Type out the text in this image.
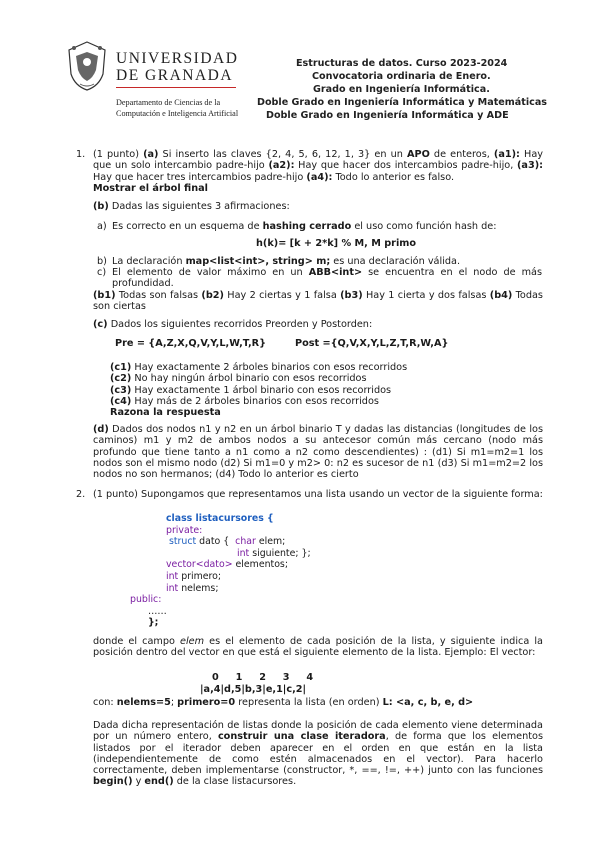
UNIVERSIDAD
DE GRANADA
Departamento de Ciencias de la
Computación e Inteligencia Artificial
Estructuras de datos. Curso 2023-2024
Convocatoria ordinaria de Enero.
Grado en Ingeniería Informática.
Doble Grado en Ingeniería Informática y Matemáticas
Doble Grado en Ingeniería Informática y ADE
1. (1 punto) (a) Si inserto las claves {2, 4, 5, 6, 12, 1, 3} en un APO de enteros, (a1): Hay que un solo intercambio padre-hijo (a2): Hay que hacer dos intercambios padre-hijo, (a3): Hay que hacer tres intercambios padre-hijo (a4): Todo lo anterior es falso.
Mostrar el árbol final
(b) Dadas las siguientes 3 afirmaciones:
a) Es correcto en un esquema de hashing cerrado el uso como función hash de:
h(k)= [k + 2*k] % M, M primo
b) La declaración map<list<int>, string> m; es una declaración válida.
c) El elemento de valor máximo en un ABB<int> se encuentra en el nodo de más profundidad.
(b1) Todas son falsas (b2) Hay 2 ciertas y 1 falsa (b3) Hay 1 cierta y dos falsas (b4) Todas son ciertas
(c) Dados los siguientes recorridos Preorden y Postorden:
Pre = {A,Z,X,Q,V,Y,L,W,T,R}	Post ={Q,V,X,Y,L,Z,T,R,W,A}
(c1) Hay exactamente 2 árboles binarios con esos recorridos
(c2) No hay ningún árbol binario con esos recorridos
(c3) Hay exactamente 1 árbol binario con esos recorridos
(c4) Hay más de 2 árboles binarios con esos recorridos
Razona la respuesta
(d) Dados dos nodos n1 y n2 en un árbol binario T y dadas las distancias (longitudes de los caminos) m1 y m2 de ambos nodos a su antecesor común más cercano (nodo más profundo que tiene tanto a n1 como a n2 como descendientes) : (d1) Si m1=m2=1 los nodos son el mismo nodo (d2) Si m1=0 y m2> 0: n2 es sucesor de n1 (d3) Si m1=m2=2 los nodos no son hermanos; (d4) Todo lo anterior es cierto
2. (1 punto) Supongamos que representamos una lista usando un vector de la siguiente forma:
class listacursores {
private:
struct dato {  char elem;
int siguiente; };
vector<dato> elementos;
int primero;
int nelems;
public:
……
};
donde el campo elem es el elemento de cada posición de la lista, y siguiente indica la posición dentro del vector en que está el siguiente elemento de la lista. Ejemplo: El vector:
0     1     2     3     4
|a,4|d,5|b,3|e,1|c,2|
con: nelems=5; primero=0 representa la lista (en orden) L: <a, c, b, e, d>
Dada dicha representación de listas donde la posición de cada elemento viene determinada por un número entero, construir una clase iteradora, de forma que los elementos listados por el iterador deben aparecer en el orden en que están en la lista (independientemente de como estén almacenados en el vector). Para hacerlo correctamente, deben implementarse (constructor, *, ==, !=, ++) junto con las funciones begin() y end() de la clase listacursores.
